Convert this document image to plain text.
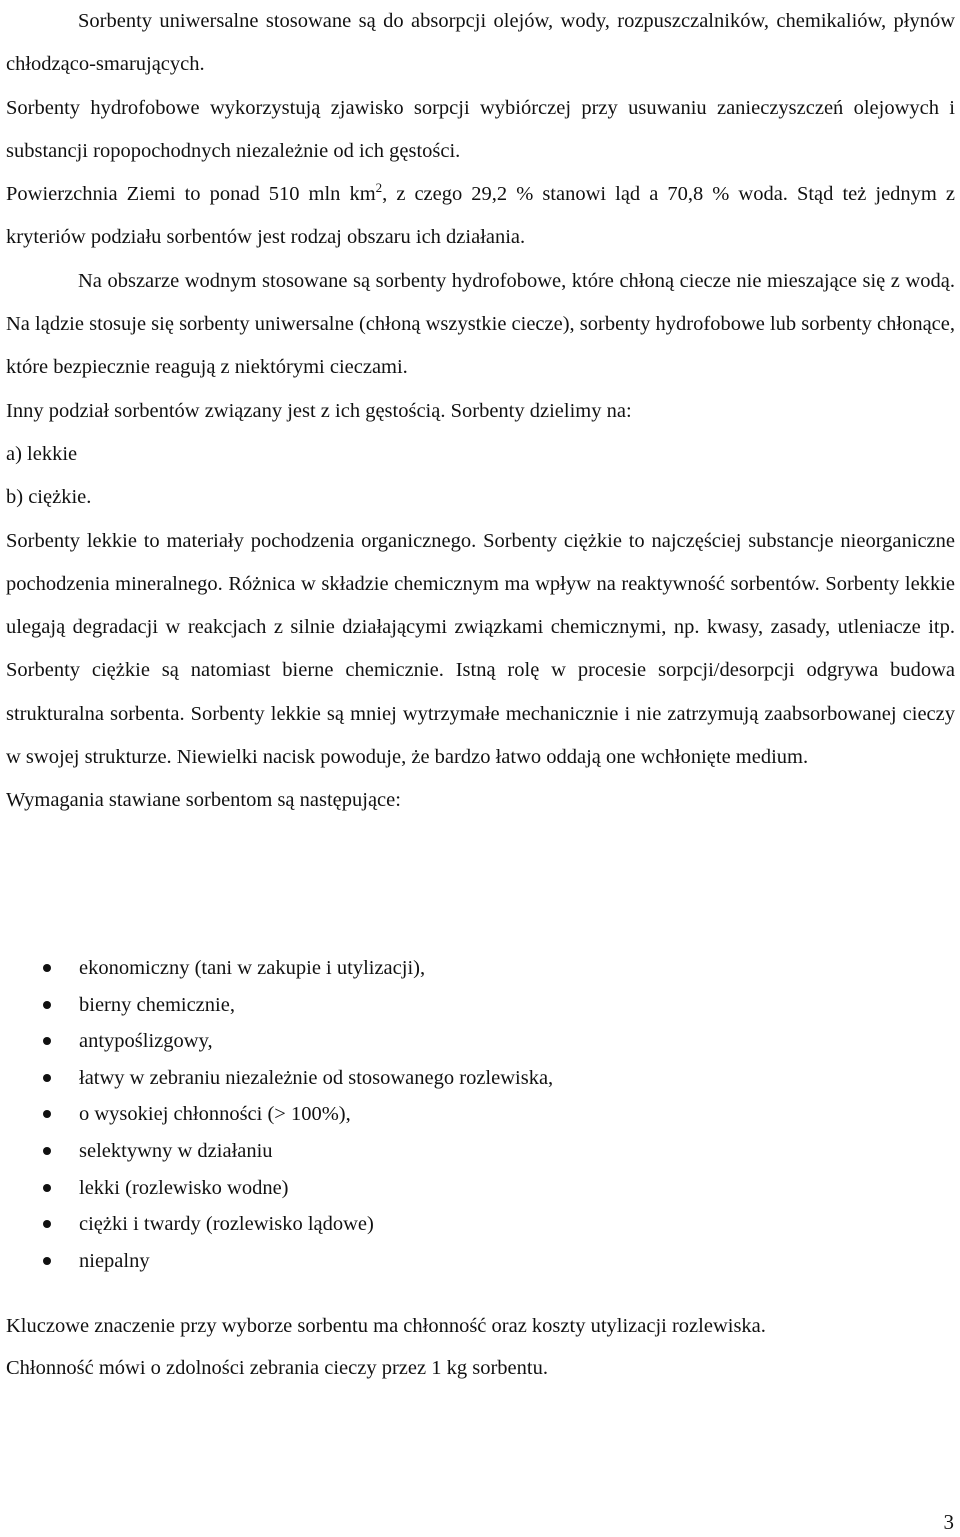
Sorbenty uniwersalne stosowane są do absorpcji olejów, wody, rozpuszczalników, chemikaliów, płynów chłodząco-smarujących.

Sorbenty hydrofobowe wykorzystują zjawisko sorpcji wybiórczej przy usuwaniu zanieczyszczeń olejowych i substancji ropopochodnych niezależnie od ich gęstości.

Powierzchnia Ziemi to ponad 510 mln $km^2$, z czego 29,2 % stanowi ląd a 70,8 % woda. Stąd też jednym z kryteriów podziału sorbentów jest rodzaj obszaru ich działania.

Na obszarze wodnym stosowane są sorbenty hydrofobowe, które chłoną ciecze nie mieszające się z wodą. Na lądzie stosuje się sorbenty uniwersalne (chłoną wszystkie ciecze), sorbenty hydrofobowe lub sorbenty chłonące, które bezpiecznie reagują z niektórymi cieczami.

Inny podział sorbentów związany jest z ich gęstością. Sorbenty dzielimy na:

a) lekkie

b) ciężkie.

Sorbenty lekkie to materiały pochodzenia organicznego. Sorbenty ciężkie to najczęściej substancje nieorganiczne pochodzenia mineralnego. Różnica w składzie chemicznym ma wpływ na reaktywność sorbentów. Sorbenty lekkie ulegają degradacji w reakcjach z silnie działającymi związkami chemicznymi, np. kwasy, zasady, utleniacze itp. Sorbenty ciężkie są natomiast bierne chemicznie. Istną rolę w procesie sorpcji/desorpcji odgrywa budowa strukturalna sorbenta. Sorbenty lekkie są mniej wytrzymałe mechanicznie i nie zatrzymują zaabsorbowanej cieczy w swojej strukturze. Niewielki nacisk powoduje, że bardzo łatwo oddają one wchłonięte medium.

Wymagania stawiane sorbentom są następujące:

ekonomiczny (tani w zakupie i utylizacji),
bierny chemicznie,
antypoślizgowy,
łatwy w zebraniu niezależnie od stosowanego rozlewiska,
o wysokiej chłonności (> 100%),
selektywny w działaniu
lekki (rozlewisko wodne)
ciężki i twardy (rozlewisko lądowe)
niepalny

Kluczowe znaczenie przy wyborze sorbentu ma chłonność oraz koszty utylizacji rozlewiska.

Chłonność mówi o zdolności zebrania cieczy przez 1 kg sorbentu.

3
